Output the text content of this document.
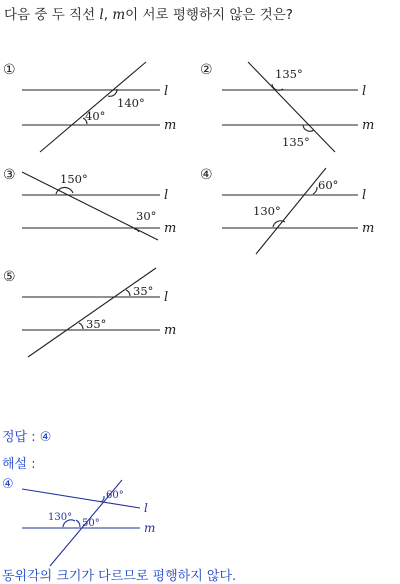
다음 중 두 직선 l, m이 서로 평행하지 않은 것은?
①	②
③	④
⑤
l
m
l
m
l
m
l
m
l
m
140°
40°
135°
135°
150°
30°
60°
130°
35°
35°
④
60°
130°
50°
l
m
정답 : ④
해설 :
동위각의 크기가 다르므로 평행하지 않다.
